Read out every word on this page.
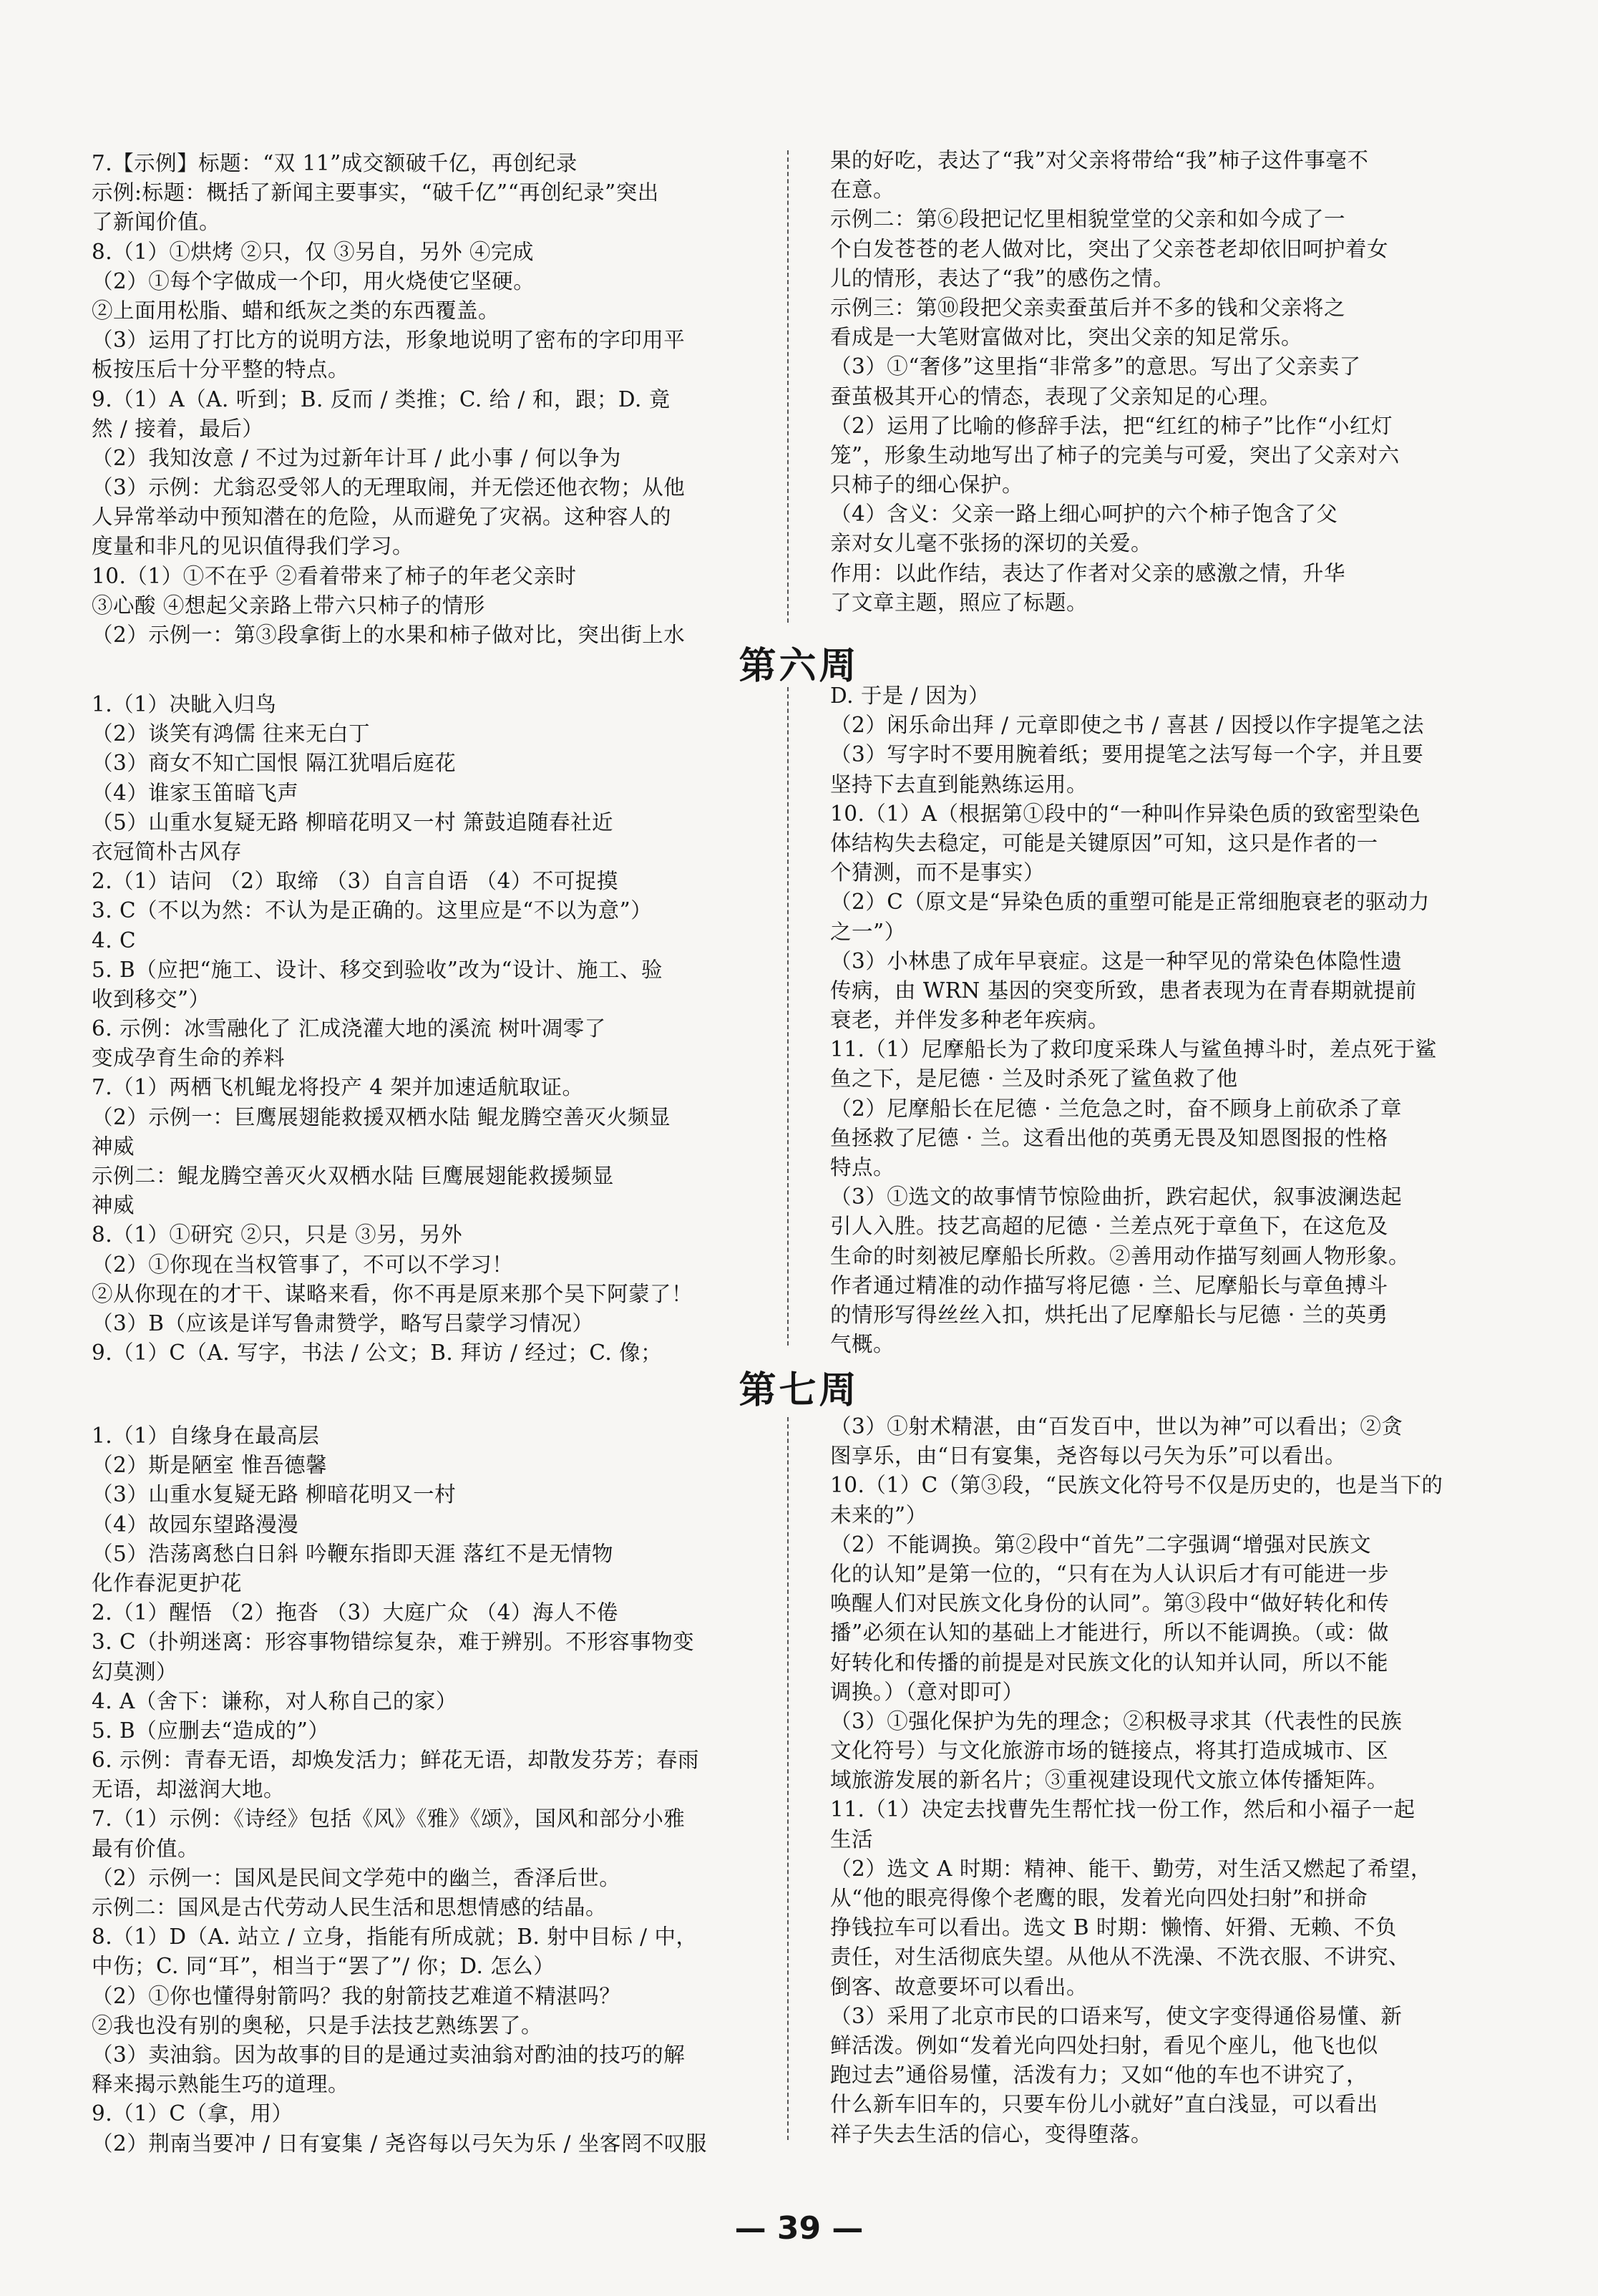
7.【示例】标题：“双 11”成交额破千亿，再创纪录
示例:标题：概括了新闻主要事实，“破千亿”“再创纪录”突出
了新闻价值。
8.（1）①烘烤 ②只，仅 ③另自，另外 ④完成
（2）①每个字做成一个印，用火烧使它坚硬。
②上面用松脂、蜡和纸灰之类的东西覆盖。
（3）运用了打比方的说明方法，形象地说明了密布的字印用平
板按压后十分平整的特点。
9.（1）A（A. 听到；B. 反而 / 类推；C. 给 / 和，跟；D. 竟
然 / 接着，最后）
（2）我知汝意 / 不过为过新年计耳 / 此小事 / 何以争为
（3）示例：尤翁忍受邻人的无理取闹，并无偿还他衣物；从他
人异常举动中预知潜在的危险，从而避免了灾祸。这种容人的
度量和非凡的见识值得我们学习。
10.（1）①不在乎 ②看着带来了柿子的年老父亲时
③心酸 ④想起父亲路上带六只柿子的情形
（2）示例一：第③段拿街上的水果和柿子做对比，突出街上水
果的好吃，表达了“我”对父亲将带给“我”柿子这件事毫不
在意。
示例二：第⑥段把记忆里相貌堂堂的父亲和如今成了一
个白发苍苍的老人做对比，突出了父亲苍老却依旧呵护着女
儿的情形，表达了“我”的感伤之情。
示例三：第⑩段把父亲卖蚕茧后并不多的钱和父亲将之
看成是一大笔财富做对比，突出父亲的知足常乐。
（3）①“奢侈”这里指“非常多”的意思。写出了父亲卖了
蚕茧极其开心的情态，表现了父亲知足的心理。
（2）运用了比喻的修辞手法，把“红红的柿子”比作“小红灯
笼”，形象生动地写出了柿子的完美与可爱，突出了父亲对六
只柿子的细心保护。
（4）含义：父亲一路上细心呵护的六个柿子饱含了父
亲对女儿毫不张扬的深切的关爱。
作用：以此作结，表达了作者对父亲的感激之情，升华
了文章主题，照应了标题。
第六周
1.（1）决眦入归鸟
（2）谈笑有鸿儒 往来无白丁
（3）商女不知亡国恨 隔江犹唱后庭花
（4）谁家玉笛暗飞声
（5）山重水复疑无路 柳暗花明又一村 箫鼓追随春社近
衣冠简朴古风存
2.（1）诘问 （2）取缔 （3）自言自语 （4）不可捉摸
3. C（不以为然：不认为是正确的。这里应是“不以为意”）
4. C
5. B（应把“施工、设计、移交到验收”改为“设计、施工、验
收到移交”）
6. 示例：冰雪融化了 汇成浇灌大地的溪流 树叶凋零了
变成孕育生命的养料
7.（1）两栖飞机鲲龙将投产 4 架并加速适航取证。
（2）示例一：巨鹰展翅能救援双栖水陆 鲲龙腾空善灭火频显
神威
示例二：鲲龙腾空善灭火双栖水陆 巨鹰展翅能救援频显
神威
8.（1）①研究 ②只，只是 ③另，另外
（2）①你现在当权管事了，不可以不学习！
②从你现在的才干、谋略来看，你不再是原来那个吴下阿蒙了！
（3）B（应该是详写鲁肃赞学，略写吕蒙学习情况）
9.（1）C（A. 写字，书法 / 公文；B. 拜访 / 经过；C. 像；
D. 于是 / 因为）
（2）闲乐命出拜 / 元章即使之书 / 喜甚 / 因授以作字提笔之法
（3）写字时不要用腕着纸；要用提笔之法写每一个字，并且要
坚持下去直到能熟练运用。
10.（1）A（根据第①段中的“一种叫作异染色质的致密型染色
体结构失去稳定，可能是关键原因”可知，这只是作者的一
个猜测，而不是事实）
（2）C（原文是“异染色质的重塑可能是正常细胞衰老的驱动力
之一”）
（3）小林患了成年早衰症。这是一种罕见的常染色体隐性遗
传病，由 WRN 基因的突变所致，患者表现为在青春期就提前
衰老，并伴发多种老年疾病。
11.（1）尼摩船长为了救印度采珠人与鲨鱼搏斗时，差点死于鲨
鱼之下，是尼德 · 兰及时杀死了鲨鱼救了他
（2）尼摩船长在尼德 · 兰危急之时，奋不顾身上前砍杀了章
鱼拯救了尼德 · 兰。这看出他的英勇无畏及知恩图报的性格
特点。
（3）①选文的故事情节惊险曲折，跌宕起伏，叙事波澜迭起
引人入胜。技艺高超的尼德 · 兰差点死于章鱼下，在这危及
生命的时刻被尼摩船长所救。②善用动作描写刻画人物形象。
作者通过精准的动作描写将尼德 · 兰、尼摩船长与章鱼搏斗
的情形写得丝丝入扣，烘托出了尼摩船长与尼德 · 兰的英勇
气概。
第七周
1.（1）自缘身在最高层
（2）斯是陋室 惟吾德馨
（3）山重水复疑无路 柳暗花明又一村
（4）故园东望路漫漫
（5）浩荡离愁白日斜 吟鞭东指即天涯 落红不是无情物
化作春泥更护花
2.（1）醒悟 （2）拖沓 （3）大庭广众 （4）海人不倦
3. C（扑朔迷离：形容事物错综复杂，难于辨别。不形容事物变
幻莫测）
4. A（舍下：谦称，对人称自己的家）
5. B（应删去“造成的”）
6. 示例：青春无语，却焕发活力；鲜花无语，却散发芬芳；春雨
无语，却滋润大地。
7.（1）示例：《诗经》包括《风》《雅》《颂》，国风和部分小雅
最有价值。
（2）示例一：国风是民间文学苑中的幽兰，香泽后世。
示例二：国风是古代劳动人民生活和思想情感的结晶。
8.（1）D（A. 站立 / 立身，指能有所成就；B. 射中目标 / 中，
中伤；C. 同“耳”，相当于“罢了”/ 你；D. 怎么）
（2）①你也懂得射箭吗？我的射箭技艺难道不精湛吗？
②我也没有别的奥秘，只是手法技艺熟练罢了。
（3）卖油翁。因为故事的目的是通过卖油翁对酌油的技巧的解
释来揭示熟能生巧的道理。
9.（1）C（拿，用）
（2）荆南当要冲 / 日有宴集 / 尧咨每以弓矢为乐 / 坐客罔不叹服
（3）①射术精湛，由“百发百中，世以为神”可以看出；②贪
图享乐，由“日有宴集，尧咨每以弓矢为乐”可以看出。
10.（1）C（第③段，“民族文化符号不仅是历史的，也是当下的
未来的”）
（2）不能调换。第②段中“首先”二字强调“增强对民族文
化的认知”是第一位的，“只有在为人认识后才有可能进一步
唤醒人们对民族文化身份的认同”。第③段中“做好转化和传
播”必须在认知的基础上才能进行，所以不能调换。（或：做
好转化和传播的前提是对民族文化的认知并认同，所以不能
调换。）（意对即可）
（3）①强化保护为先的理念；②积极寻求其（代表性的民族
文化符号）与文化旅游市场的链接点，将其打造成城市、区
域旅游发展的新名片；③重视建设现代文旅立体传播矩阵。
11.（1）决定去找曹先生帮忙找一份工作，然后和小福子一起
生活
（2）选文 A 时期：精神、能干、勤劳，对生活又燃起了希望，
从“他的眼亮得像个老鹰的眼，发着光向四处扫射”和拼命
挣钱拉车可以看出。选文 B 时期：懒惰、奸猾、无赖、不负
责任，对生活彻底失望。从他从不洗澡、不洗衣服、不讲究、
倒客、故意要坏可以看出。
（3）采用了北京市民的口语来写，使文字变得通俗易懂、新
鲜活泼。例如“发着光向四处扫射，看见个座儿，他飞也似
跑过去”通俗易懂，活泼有力；又如“他的车也不讲究了，
什么新车旧车的，只要车份儿小就好”直白浅显，可以看出
祥子失去生活的信心，变得堕落。
— 39 —
